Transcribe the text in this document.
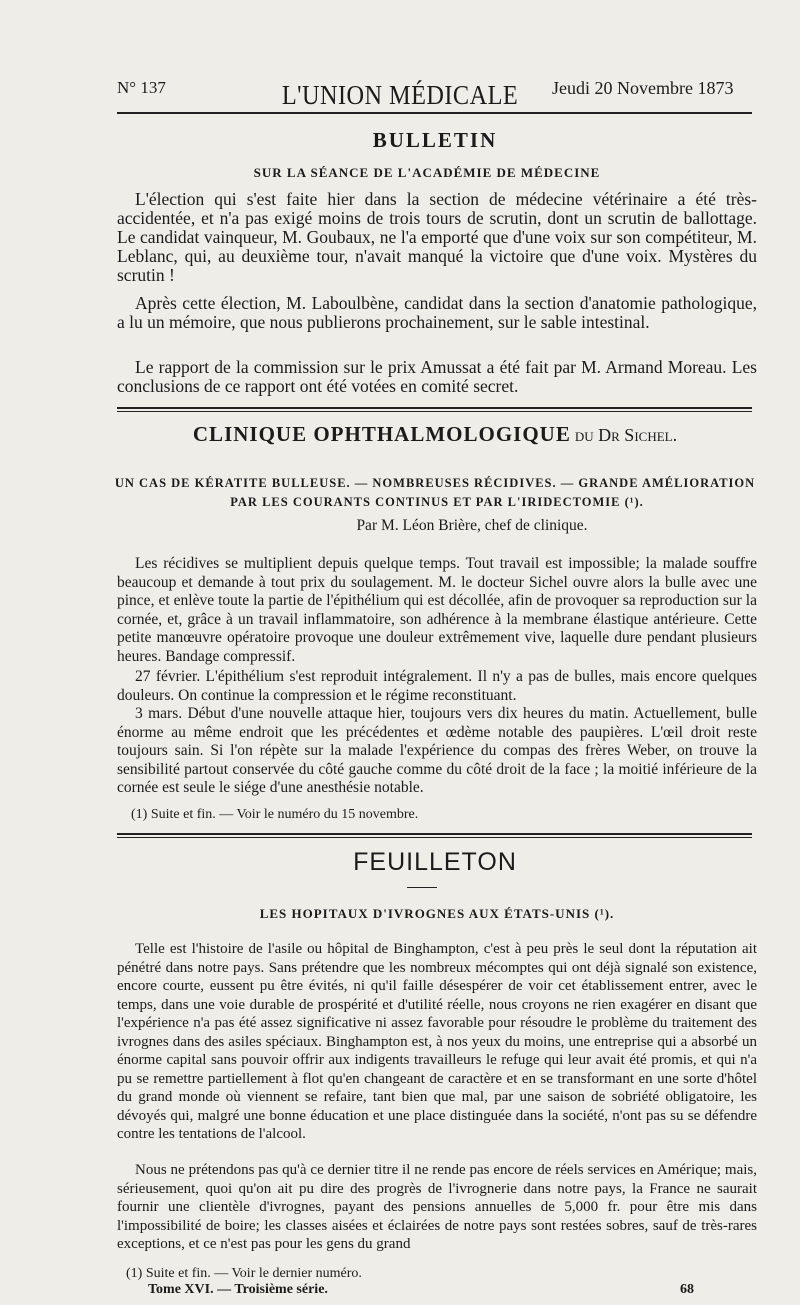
N° 137	L'UNION MÉDICALE	Jeudi 20 Novembre 1873
BULLETIN
SUR LA SÉANCE DE L'ACADÉMIE DE MÉDECINE
L'élection qui s'est faite hier dans la section de médecine vétérinaire a été très-accidentée, et n'a pas exigé moins de trois tours de scrutin, dont un scrutin de ballottage. Le candidat vainqueur, M. Goubaux, ne l'a emporté que d'une voix sur son compétiteur, M. Leblanc, qui, au deuxième tour, n'avait manqué la victoire que d'une voix. Mystères du scrutin !
Après cette élection, M. Laboulbène, candidat dans la section d'anatomie pathologique, a lu un mémoire, que nous publierons prochainement, sur le sable intestinal.
Le rapport de la commission sur le prix Amussat a été fait par M. Armand Moreau. Les conclusions de ce rapport ont été votées en comité secret.
CLINIQUE OPHTHALMOLOGIQUE du Dr Sichel.
UN CAS DE KÉRATITE BULLEUSE. — NOMBREUSES RÉCIDIVES. — GRANDE AMÉLIORATION
PAR LES COURANTS CONTINUS ET PAR L'IRIDECTOMIE (¹).
Par M. Léon Brière, chef de clinique.
Les récidives se multiplient depuis quelque temps. Tout travail est impossible; la malade souffre beaucoup et demande à tout prix du soulagement. M. le docteur Sichel ouvre alors la bulle avec une pince, et enlève toute la partie de l'épithélium qui est décollée, afin de provoquer sa reproduction sur la cornée, et, grâce à un travail inflammatoire, son adhérence à la membrane élastique antérieure. Cette petite manœuvre opératoire provoque une douleur extrêmement vive, laquelle dure pendant plusieurs heures. Bandage compressif.
27 février. L'épithélium s'est reproduit intégralement. Il n'y a pas de bulles, mais encore quelques douleurs. On continue la compression et le régime reconstituant.
3 mars. Début d'une nouvelle attaque hier, toujours vers dix heures du matin. Actuellement, bulle énorme au même endroit que les précédentes et œdème notable des paupières. L'œil droit reste toujours sain. Si l'on répète sur la malade l'expérience du compas des frères Weber, on trouve la sensibilité partout conservée du côté gauche comme du côté droit de la face ; la moitié inférieure de la cornée est seule le siége d'une anesthésie notable.
(1) Suite et fin. — Voir le numéro du 15 novembre.
FEUILLETON
LES HOPITAUX D'IVROGNES AUX ÉTATS-UNIS (¹).
Telle est l'histoire de l'asile ou hôpital de Binghampton, c'est à peu près le seul dont la réputation ait pénétré dans notre pays. Sans prétendre que les nombreux mécomptes qui ont déjà signalé son existence, encore courte, eussent pu être évités, ni qu'il faille désespérer de voir cet établissement entrer, avec le temps, dans une voie durable de prospérité et d'utilité réelle, nous croyons ne rien exagérer en disant que l'expérience n'a pas été assez significative ni assez favorable pour résoudre le problème du traitement des ivrognes dans des asiles spéciaux. Binghampton est, à nos yeux du moins, une entreprise qui a absorbé un énorme capital sans pouvoir offrir aux indigents travailleurs le refuge qui leur avait été promis, et qui n'a pu se remettre partiellement à flot qu'en changeant de caractère et en se transformant en une sorte d'hôtel du grand monde où viennent se refaire, tant bien que mal, par une saison de sobriété obligatoire, les dévoyés qui, malgré une bonne éducation et une place distinguée dans la société, n'ont pas su se défendre contre les tentations de l'alcool.
Nous ne prétendons pas qu'à ce dernier titre il ne rende pas encore de réels services en Amérique; mais, sérieusement, quoi qu'on ait pu dire des progrès de l'ivrognerie dans notre pays, la France ne saurait fournir une clientèle d'ivrognes, payant des pensions annuelles de 5,000 fr. pour être mis dans l'impossibilité de boire; les classes aisées et éclairées de notre pays sont restées sobres, sauf de très-rares exceptions, et ce n'est pas pour les gens du grand
(1) Suite et fin. — Voir le dernier numéro.
Tome XVI. — Troisième série.	68
